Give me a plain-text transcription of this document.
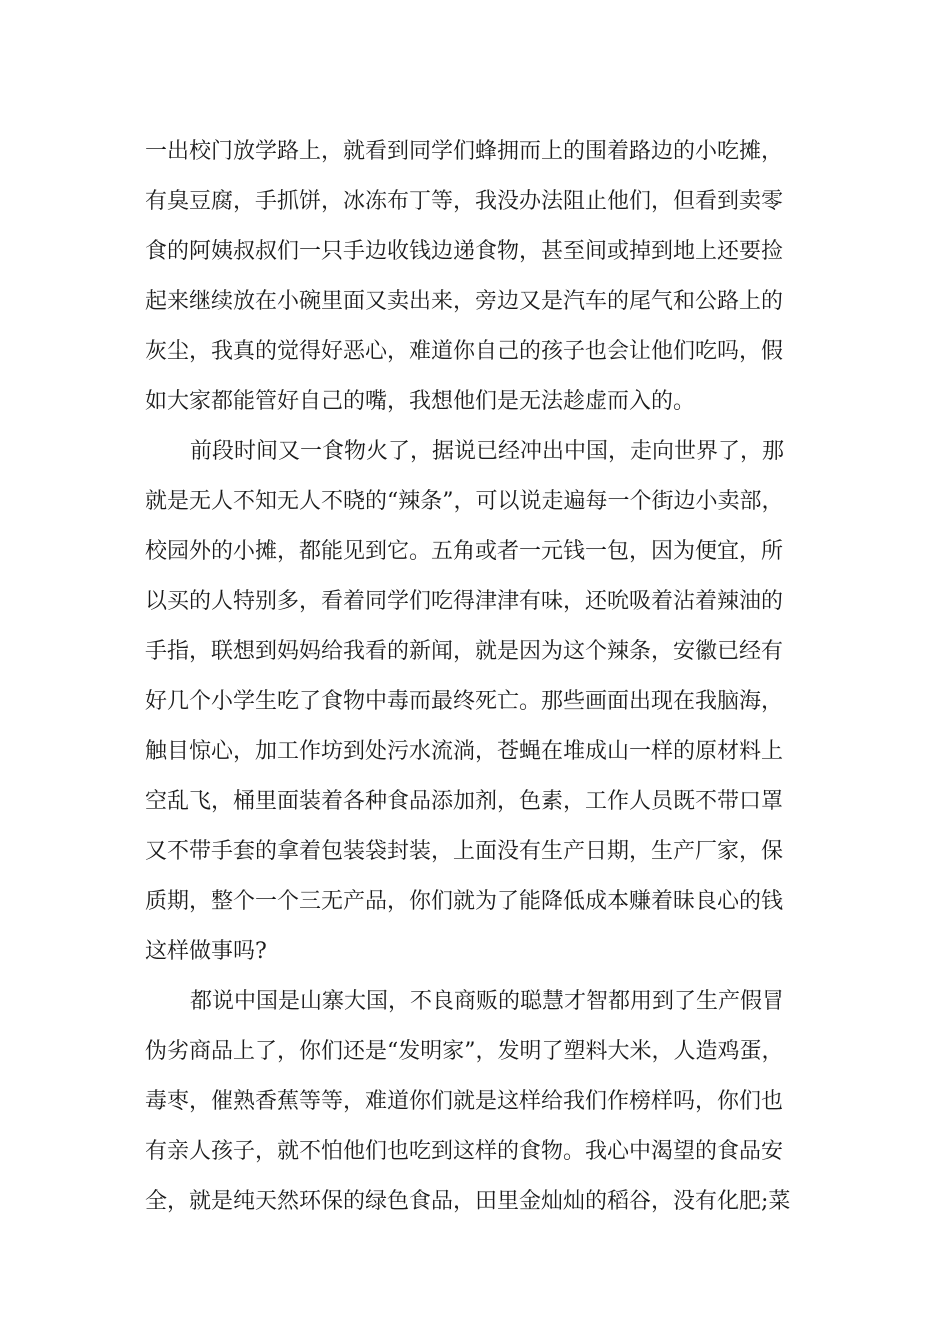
一出校门放学路上，就看到同学们蜂拥而上的围着路边的小吃摊，
有臭豆腐，手抓饼，冰冻布丁等，我没办法阻止他们，但看到卖零
食的阿姨叔叔们一只手边收钱边递食物，甚至间或掉到地上还要捡
起来继续放在小碗里面又卖出来，旁边又是汽车的尾气和公路上的
灰尘，我真的觉得好恶心，难道你自己的孩子也会让他们吃吗，假
如大家都能管好自己的嘴，我想他们是无法趁虚而入的。
前段时间又一食物火了，据说已经冲出中国，走向世界了，那
就是无人不知无人不晓的“辣条”，可以说走遍每一个街边小卖部，
校园外的小摊，都能见到它。五角或者一元钱一包，因为便宜，所
以买的人特别多，看着同学们吃得津津有味，还吮吸着沾着辣油的
手指，联想到妈妈给我看的新闻，就是因为这个辣条，安徽已经有
好几个小学生吃了食物中毒而最终死亡。那些画面出现在我脑海，
触目惊心，加工作坊到处污水流淌，苍蝇在堆成山一样的原材料上
空乱飞，桶里面装着各种食品添加剂，色素，工作人员既不带口罩
又不带手套的拿着包装袋封装，上面没有生产日期，生产厂家，保
质期，整个一个三无产品，你们就为了能降低成本赚着昧良心的钱
这样做事吗?
都说中国是山寨大国，不良商贩的聪慧才智都用到了生产假冒
伪劣商品上了，你们还是“发明家”，发明了塑料大米，人造鸡蛋，
毒枣，催熟香蕉等等，难道你们就是这样给我们作榜样吗，你们也
有亲人孩子，就不怕他们也吃到这样的食物。我心中渴望的食品安
全，就是纯天然环保的绿色食品，田里金灿灿的稻谷，没有化肥;菜
